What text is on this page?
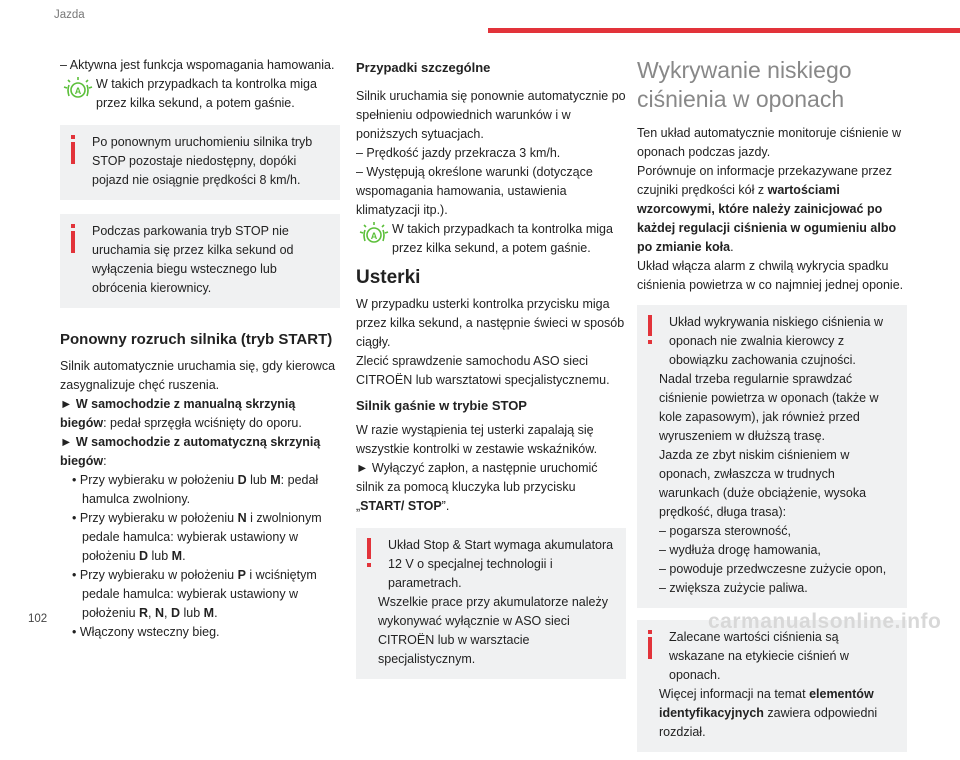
Jazda

– Aktywna jest funkcja wspomagania hamowania.

A W takich przypadkach ta kontrolka miga przez kilka sekund, a potem gaśnie.

Po ponownym uruchomieniu silnika tryb STOP pozostaje niedostępny, dopóki pojazd nie osiągnie prędkości 8 km/h.

Podczas parkowania tryb STOP nie uruchamia się przez kilka sekund od wyłączenia biegu wstecznego lub obrócenia kierownicy.

Ponowny rozruch silnika (tryb START)

Silnik automatycznie uruchamia się, gdy kierowca zasygnalizuje chęć ruszenia.

► W samochodzie z manualną skrzynią biegów: pedał sprzęgła wciśnięty do oporu.

► W samochodzie z automatyczną skrzynią biegów:

• Przy wybieraku w położeniu D lub M: pedał hamulca zwolniony.

• Przy wybieraku w położeniu N i zwolnionym pedale hamulca: wybierak ustawiony w położeniu D lub M.

• Przy wybieraku w położeniu P i wciśniętym pedale hamulca: wybierak ustawiony w położeniu R, N, D lub M.

• Włączony wsteczny bieg.

Przypadki szczególne

Silnik uruchamia się ponownie automatycznie po spełnieniu odpowiednich warunków i w poniższych sytuacjach.

– Prędkość jazdy przekracza 3 km/h.

– Występują określone warunki (dotyczące wspomagania hamowania, ustawienia klimatyzacji itp.).

A W takich przypadkach ta kontrolka miga przez kilka sekund, a potem gaśnie.

Usterki

W przypadku usterki kontrolka przycisku miga przez kilka sekund, a następnie świeci w sposób ciągły.

Zlecić sprawdzenie samochodu ASO sieci CITROËN lub warsztatowi specjalistycznemu.

Silnik gaśnie w trybie STOP

W razie wystąpienia tej usterki zapalają się wszystkie kontrolki w zestawie wskaźników.

► Wyłączyć zapłon, a następnie uruchomić silnik za pomocą kluczyka lub przycisku „START/ STOP”.

Układ Stop & Start wymaga akumulatora 12 V o specjalnej technologii i parametrach.

Wszelkie prace przy akumulatorze należy wykonywać wyłącznie w ASO sieci CITROËN lub w warsztacie specjalistycznym.

Wykrywanie niskiego ciśnienia w oponach

Ten układ automatycznie monitoruje ciśnienie w oponach podczas jazdy.

Porównuje on informacje przekazywane przez czujniki prędkości kół z wartościami wzorcowymi, które należy zainicjować po każdej regulacji ciśnienia w ogumieniu albo po zmianie koła.

Układ włącza alarm z chwilą wykrycia spadku ciśnienia powietrza w co najmniej jednej oponie.

Układ wykrywania niskiego ciśnienia w oponach nie zwalnia kierowcy z obowiązku zachowania czujności.

Nadal trzeba regularnie sprawdzać ciśnienie powietrza w oponach (także w kole zapasowym), jak również przed wyruszeniem w dłuższą trasę.

Jazda ze zbyt niskim ciśnieniem w oponach, zwłaszcza w trudnych warunkach (duże obciążenie, wysoka prędkość, długa trasa):

– pogarsza sterowność,

– wydłuża drogę hamowania,

– powoduje przedwczesne zużycie opon,

– zwiększa zużycie paliwa.

Zalecane wartości ciśnienia są wskazane na etykiecie ciśnień w oponach.

Więcej informacji na temat elementów identyfikacyjnych zawiera odpowiedni rozdział.

102	carmanualsonline.info
